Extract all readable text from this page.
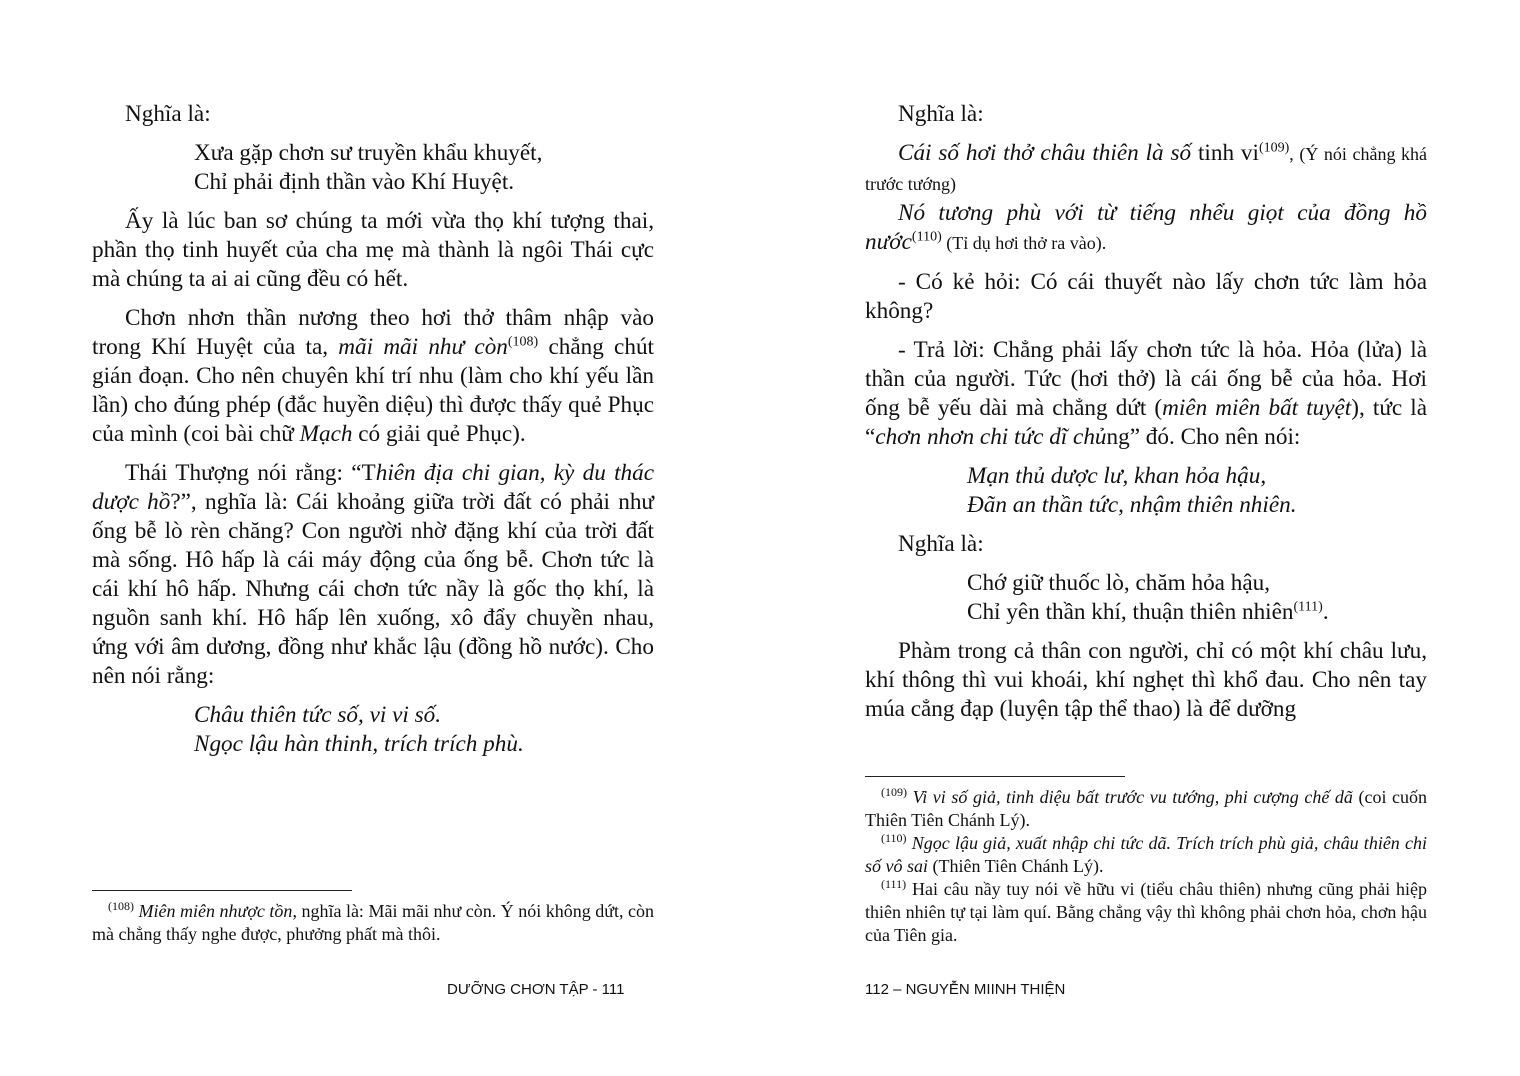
Nghĩa là:
Xưa gặp chơn sư truyền khẩu khuyết,
Chỉ phải định thần vào Khí Huyệt.

Ấy là lúc ban sơ chúng ta mới vừa thọ khí tượng thai, phần thọ tinh huyết của cha mẹ mà thành là ngôi Thái cực mà chúng ta ai ai cũng đều có hết.

Chơn nhơn thần nương theo hơi thở thâm nhập vào trong Khí Huyệt của ta, mãi mãi như còn$^{(108)}$ chẳng chút gián đoạn. Cho nên chuyên khí trí nhu (làm cho khí yếu lần lần) cho đúng phép (đắc huyền diệu) thì được thấy quẻ Phục của mình (coi bài chữ Mạch có giải quẻ Phục).

Thái Thượng nói rằng: “Thiên địa chi gian, kỳ du thác dược hồ?”, nghĩa là: Cái khoảng giữa trời đất có phải như ống bễ lò rèn chăng? Con người nhờ đặng khí của trời đất mà sống. Hô hấp là cái máy động của ống bễ. Chơn tức là cái khí hô hấp. Nhưng cái chơn tức nầy là gốc thọ khí, là nguồn sanh khí. Hô hấp lên xuống, xô đẩy chuyền nhau, ứng với âm dương, đồng như khắc lậu (đồng hồ nước). Cho nên nói rằng:

Châu thiên tức số, vi vi số.
Ngọc lậu hàn thinh, trích trích phù.

$^{(108)}$ Miên miên nhược tồn, nghĩa là: Mãi mãi như còn. Ý nói không dứt, còn mà chẳng thấy nghe được, phưởng phất mà thôi.

DƯỠNG CHƠN TẬP - 111
Nghĩa là:

Cái số hơi thở châu thiên là số tinh $vi^{(109)}$, (Ý nói chẳng khá trước tướng)

Nó tương phù với từ tiếng nhểu giọt của đồng hồ nước$^{(110)}$ (Tỉ dụ hơi thở ra vào).

- Có kẻ hỏi: Có cái thuyết nào lấy chơn tức làm hỏa không?

- Trả lời: Chẳng phải lấy chơn tức là hỏa. Hỏa (lửa) là thần của người. Tức (hơi thở) là cái ống bễ của hỏa. Hơi ống bễ yếu dài mà chẳng dứt (miên miên bất tuyệt), tức là “chơn nhơn chi tức dĩ chủng” đó. Cho nên nói:

Mạn thủ dược lư, khan hỏa hậu,
Đãn an thần tức, nhậm thiên nhiên.
Nghĩa là:
Chớ giữ thuốc lò, chăm hỏa hậu,
Chỉ yên thần khí, thuận thiên nhiên$^{(111)}$.

Phàm trong cả thân con người, chỉ có một khí châu lưu, khí thông thì vui khoái, khí nghẹt thì khổ đau. Cho nên tay múa cẳng đạp (luyện tập thể thao) là để dưỡng

$^{(109)}$ Vi vi số giả, tinh diệu bất trước vu tướng, phi cượng chế dã (coi cuốn Thiên Tiên Chánh Lý).

$^{(110)}$ Ngọc lậu giả, xuất nhập chi tức dã. Trích trích phù giả, châu thiên chi số vô sai (Thiên Tiên Chánh Lý).

$^{(111)}$ Hai câu nầy tuy nói về hữu vi (tiểu châu thiên) nhưng cũng phải hiệp thiên nhiên tự tại làm quí. Bằng chẳng vậy thì không phải chơn hỏa, chơn hậu của Tiên gia.

112 – NGUYỄN MIINH THIỆN
